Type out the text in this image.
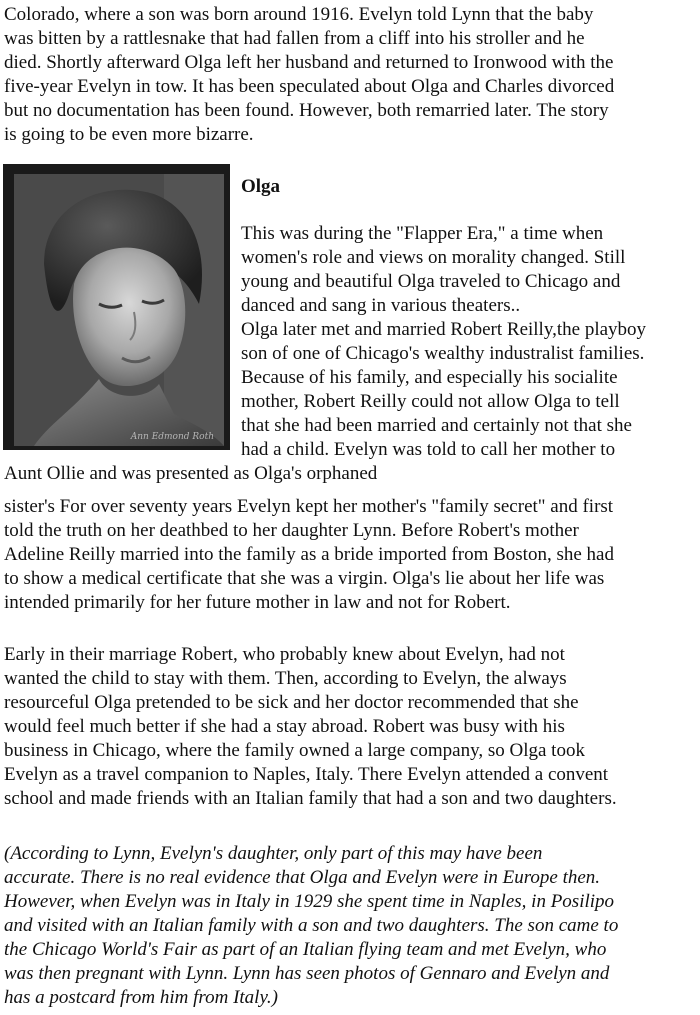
Colorado, where a son was born around 1916. Evelyn told Lynn that the baby
was bitten by a rattlesnake that had fallen from a cliff into his stroller and he
died. Shortly afterward Olga left her husband and returned to Ironwood with the
five-year Evelyn in tow. It has been speculated about Olga and Charles divorced
but no documentation has been found. However, both remarried later. The story
is going to be even more bizarre.
Ann Edmond Roth
Olga
This was during the "Flapper Era," a time when
women's role and views on morality changed. Still
young and beautiful Olga traveled to Chicago and
danced and sang in various theaters..
Olga later met and married Robert Reilly,the playboy
son of one of Chicago's wealthy industralist families.
Because of his family, and especially his socialite
mother, Robert Reilly could not allow Olga to tell
that she had been married and certainly not that she
had a child. Evelyn was told to call her mother to
Aunt Ollie and was presented as Olga's orphaned
sister's For over seventy years Evelyn kept her mother's "family secret" and first
told the truth on her deathbed to her daughter Lynn. Before Robert's mother
Adeline Reilly married into the family as a bride imported from Boston, she had
to show a medical certificate that she was a virgin. Olga's lie about her life was
intended primarily for her future mother in law and not for Robert.
Early in their marriage Robert, who probably knew about Evelyn, had not
wanted the child to stay with them. Then, according to Evelyn, the always
resourceful Olga pretended to be sick and her doctor recommended that she
would feel much better if she had a stay abroad. Robert was busy with his
business in Chicago, where the family owned a large company, so Olga took
Evelyn as a travel companion to Naples, Italy. There Evelyn attended a convent
school and made friends with an Italian family that had a son and two daughters.
(According to Lynn, Evelyn's daughter, only part of this may have been
accurate. There is no real evidence that Olga and Evelyn were in Europe then.
However, when Evelyn was in Italy in 1929 she spent time in Naples, in Posilipo
and visited with an Italian family with a son and two daughters. The son came to
the Chicago World's Fair as part of an Italian flying team and met Evelyn, who
was then pregnant with Lynn. Lynn has seen photos of Gennaro and Evelyn and
has a postcard from him from Italy.)
